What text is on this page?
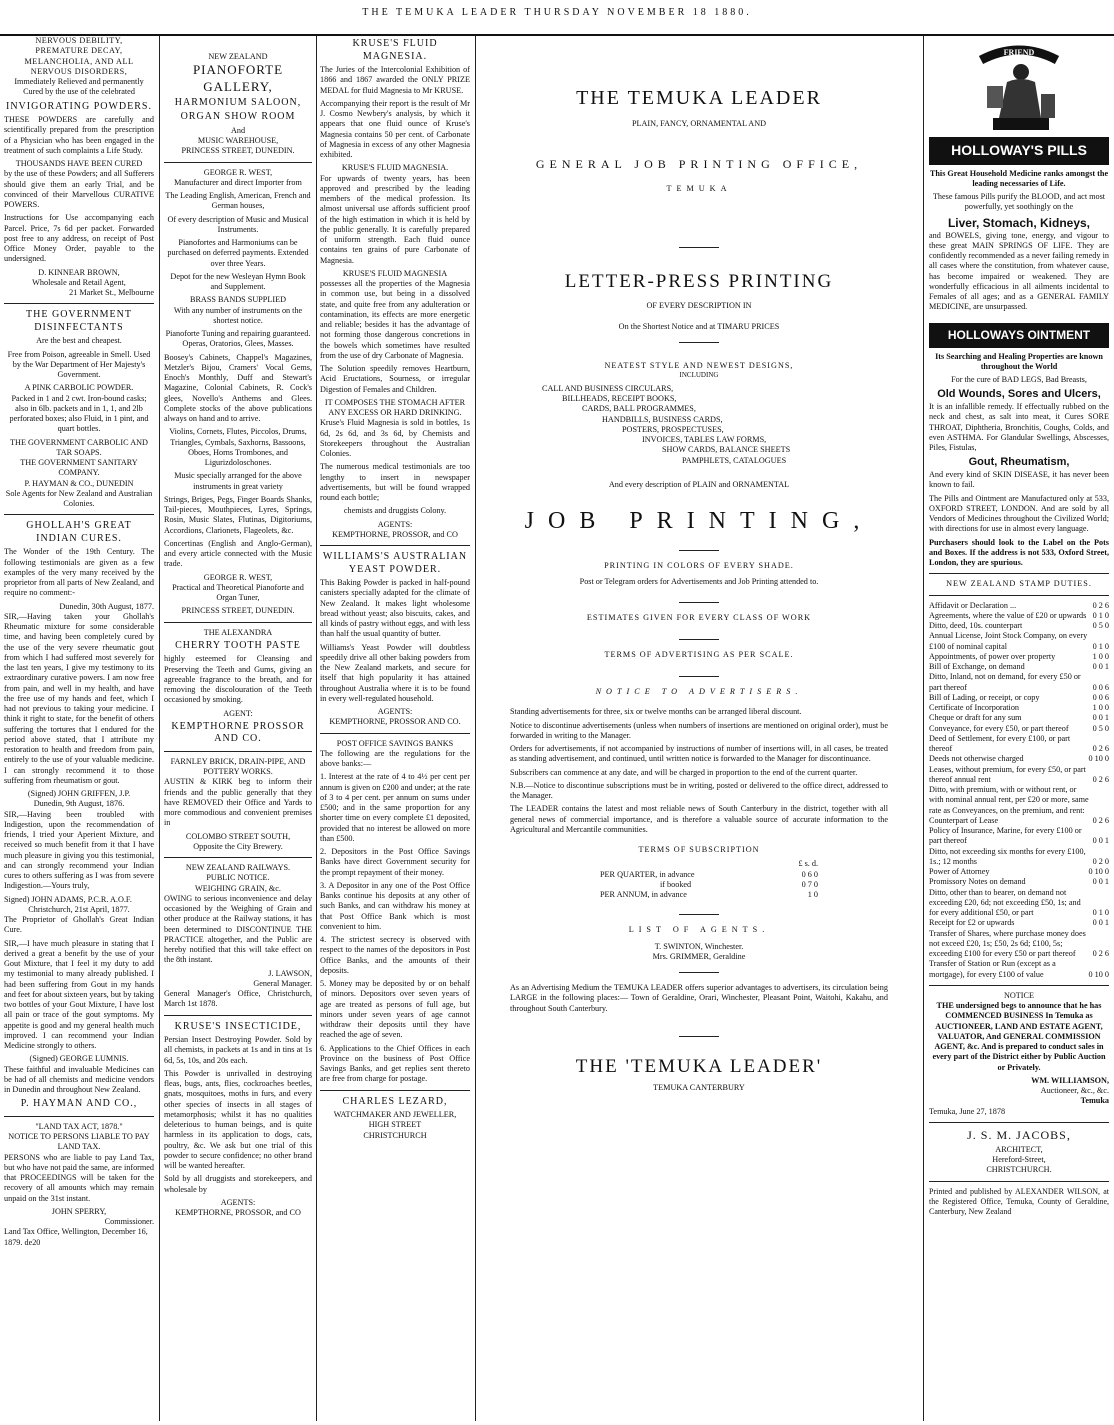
THE TEMUKA LEADER THURSDAY NOVEMBER 18 1880.
NERVOUS DEBILITY,
PREMATURE DECAY,
MELANCHOLIA, AND ALL
NERVOUS DISORDERS,

Immediately Relieved and permanently Cured by the use of the celebrated

INVIGORATING POWDERS.

THESE POWDERS are carefully and scientifically prepared from the prescription of a Physician who has been engaged in the treatment of such complaints a Life Study.

THOUSANDS HAVE BEEN CURED

by the use of these Powders; and all Sufferers should give them an early Trial, and be convinced of their Marvellous CURATIVE POWERS.

Instructions for Use accompanying each Parcel. Price, 7s 6d per packet. Forwarded post free to any address, on receipt of Post Office Money Order, payable to the undersigned.

D. KINNEAR BROWN,
Wholesale and Retail Agent,
21 Market St., Melbourne
THE GOVERNMENT DISINFECTANTS

Are the best and cheapest.

Free from Poison, agreeable in Smell. Used by the War Department of Her Majesty's Government.

A PINK CARBOLIC POWDER.

Packed in 1 and 2 cwt. Iron-bound casks; also in 6lb. packets and in 1, 1, and 2lb perforated boxes; also Fluid, in 1 pint, and quart bottles.

THE GOVERNMENT CARBOLIC AND TAR SOAPS.
THE GOVERNMENT SANITARY COMPANY.
P. HAYMAN & CO., DUNEDIN

Sole Agents for New Zealand and Australian Colonies.

GHOLLAH'S GREAT INDIAN CURES.

The Wonder of the 19th Century. The following testimonials are given as a few examples of the very many received by the proprietor from all parts of New Zealand, and require no comment:-

Dunedin, 30th August, 1877.

SIR,—Having taken your Ghollah's Rheumatic mixture for some considerable time, and having been completely cured by the use of the very severe rheumatic gout from which I had suffered most severely for the last ten years, I give my testimony to its extraordinary curative powers. I am now free from pain, and well in my health, and have the free use of my hands and feet, which I had not previous to taking your medicine. I think it right to state, for the benefit of others suffering the tortures that I endured for the period above stated, that I attribute my restoration to health and freedom from pain, entirely to the use of your valuable medicine. I can strongly recommend it to those suffering from rheumatism or gout.

(Signed) JOHN GRIFFEN, J.P.
Dunedin, 9th August, 1876.

SIR,—Having been troubled with Indigestion, upon the recommendation of friends, I tried your Aperient Mixture, and received so much benefit from it that I have much pleasure in giving you this testimonial, and can strongly recommend your Indian cures to others suffering as I was from severe Indigestion.—Yours truly,

Signed) JOHN ADAMS, P.C.R. A.O.F.
Christchurch, 21st April, 1877.

The Proprietor of Ghollah's Great Indian Cure.

SIR,—I have much pleasure in stating that I derived a great a benefit by the use of your Gout Mixture, that I feel it my duty to add my testimonial to many already published. I had been suffering from Gout in my hands and feet for about sixteen years, but by taking two bottles of your Gout Mixture, I have lost all pain or trace of the gout symptoms. My appetite is good and my general health much improved. I can recommend your Indian Medicine strongly to others.

(Signed) GEORGE LUMNIS.

These faithful and invaluable Medicines can be had of all chemists and medicine vendors in Dunedin and throughout New Zealand.

P. HAYMAN AND CO.,
"LAND TAX ACT, 1878."
NOTICE TO PERSONS LIABLE TO PAY LAND TAX.

PERSONS who are liable to pay Land Tax, but who have not paid the same, are informed that PROCEEDINGS will be taken for the recovery of all amounts which may remain unpaid on the 31st instant.

JOHN SPERRY,
Commissioner.
Land Tax Office, Wellington, December 16, 1879. de20
NEW ZEALAND
PIANOFORTE GALLERY,
HARMONIUM SALOON,
ORGAN SHOW ROOM
And
MUSIC WAREHOUSE,
PRINCESS STREET, DUNEDIN.
GEORGE R. WEST,

Manufacturer and direct Importer from

The Leading English, American, French and German houses,

Of every description of Music and Musical Instruments.

Pianofortes and Harmoniums can be purchased on deferred payments. Extended over three Years.

Depot for the new Wesleyan Hymn Book and Supplement.

BRASS BANDS SUPPLIED

With any number of instruments on the shortest notice.

Pianoforte Tuning and repairing guaranteed. Operas, Oratorios, Glees, Masses.

Boosey's Cabinets, Chappel's Magazines, Metzler's Bijou, Cramers' Vocal Gems, Enoch's Monthly, Duff and Stewart's Magazine, Colonial Cabinets, R. Cock's glees, Novello's Anthems and Glees. Complete stocks of the above publications always on hand and to arrive.

Violins, Cornets, Flutes, Piccolos, Drums, Triangles, Cymbals, Saxhorns, Bassoons, Oboes, Horns Trombones, and Ligurizdoloschones.

Music specially arranged for the above instruments in great variety

Strings, Briges, Pegs, Finger Boards Shanks, Tail-pieces, Mouthpieces, Lyres, Springs, Rosin, Music Slates, Flutinas, Digitoriums, Accordions, Clarionets, Flageolets, &c.

Concertinas (English and Anglo-German), and every article connected with the Music trade.

GEORGE R. WEST,

Practical and Theoretical Pianoforte and Organ Tuner,

PRINCESS STREET, DUNEDIN.
THE ALEXANDRA
CHERRY TOOTH PASTE

highly esteemed for Cleansing and Preserving the Teeth and Gums, giving an agreeable fragrance to the breath, and for removing the discolouration of the Teeth occasioned by smoking.

AGENT:
KEMPTHORNE PROSSOR AND CO.
FARNLEY BRICK, DRAIN-PIPE, AND POTTERY WORKS.

AUSTIN & KIRK beg to inform their friends and the public generally that they have REMOVED their Office and Yards to more commodious and convenient premises in

COLOMBO STREET SOUTH,
Opposite the City Brewery.
NEW ZEALAND RAILWAYS.
PUBLIC NOTICE.
WEIGHING GRAIN, &c.

OWING to serious inconvenience and delay occasioned by the Weighing of Grain and other produce at the Railway stations, it has been determined to DISCONTINUE THE PRACTICE altogether, and the Public are hereby notified that this will take effect on the 8th instant.

J. LAWSON,
General Manager.

General Manager's Office, Christchurch, March 1st 1878.

KRUSE'S INSECTICIDE,

Persian Insect Destroying Powder. Sold by all chemists, in packets at 1s and in tins at 1s 6d, 5s, 10s, and 20s each.

This Powder is unrivalled in destroying fleas, bugs, ants, flies, cockroaches beetles, gnats, mosquitoes, moths in furs, and every other species of insects in all stages of metamorphosis; whilst it has no qualities deleterious to human beings, and is quite harmless in its application to dogs, cats, poultry, &c. We ask but one trial of this powder to secure confidence; no other brand will be wanted hereafter.

Sold by all druggists and storekeepers, and wholesale by

AGENTS:
KEMPTHORNE, PROSSOR, and CO
KRUSE'S FLUID MAGNESIA.

The Juries of the Intercolonial Exhibition of 1866 and 1867 awarded the ONLY PRIZE MEDAL for fluid Magnesia to Mr KRUSE.

Accompanying their report is the result of Mr J. Cosmo Newbery's analysis, by which it appears that one fluid ounce of Kruse's Magnesia contains 50 per cent. of Carbonate of Magnesia in excess of any other Magnesia exhibited.

KRUSE'S FLUID MAGNESIA.

For upwards of twenty years, has been approved and prescribed by the leading members of the medical profession. Its almost universal use affords sufficient proof of the high estimation in which it is held by the public generally. It is carefully prepared of uniform strength. Each fluid ounce contains ten grains of pure Carbonate of Magnesia.

KRUSE'S FLUID MAGNESIA

possesses all the properties of the Magnesia in common use, but being in a dissolved state, and quite free from any adulteration or contamination, its effects are more energetic and reliable; besides it has the advantage of not forming those dangerous concretions in the bowels which sometimes have resulted from the use of dry Carbonate of Magnesia.

The Solution speedily removes Heartburn, Acid Eructations, Sourness, or irregular Digestion of Females and Children.

IT COMPOSES THE STOMACH AFTER ANY EXCESS OR HARD DRINKING.

Kruse's Fluid Magnesia is sold in bottles, 1s 6d, 2s 6d, and 3s 6d, by Chemists and Storekeepers throughout the Australian Colonies.

The numerous medical testimonials are too lengthy to insert in newspaper advertisements, but will be found wrapped round each bottle;

chemists and druggists Colony.

AGENTS:
KEMPTHORNE, PROSSOR, and CO
WILLIAMS'S AUSTRALIAN YEAST POWDER.

This Baking Powder is packed in half-pound canisters specially adapted for the climate of New Zealand. It makes light wholesome bread without yeast; also biscuits, cakes, and all kinds of pastry without eggs, and with less than half the usual quantity of butter.

Williams's Yeast Powder will doubtless speedily drive all other baking powders from the New Zealand markets, and secure for itself that high popularity it has attained throughout Australia where it is to be found in every well-regulated household.

AGENTS:
KEMPTHORNE, PROSSOR AND CO.
POST OFFICE SAVINGS BANKS

The following are the regulations for the above banks:—

1. Interest at the rate of 4 to 4½ per cent per annum is given on £200 and under; at the rate of 3 to 4 per cent. per annum on sums under £500; and in the same proportion for any shorter time on every complete £1 deposited, provided that no interest be allowed on more than £500.

2. Depositors in the Post Office Savings Banks have direct Government security for the prompt repayment of their money.

3. A Depositor in any one of the Post Office Banks continue his deposits at any other of such Banks, and can withdraw his money at that Post Office Bank which is most convenient to him.

4. The strictest secrecy is observed with respect to the names of the depositors in Post Office Banks, and the amounts of their deposits.

5. Money may be deposited by or on behalf of minors. Depositors over seven years of age are treated as persons of full age, but minors under seven years of age cannot withdraw their deposits until they have reached the age of seven.

6. Applications to the Chief Offices in each Province on the business of Post Office Savings Banks, and get replies sent thereto are free from charge for postage.

CHARLES LEZARD,
WATCHMAKER AND JEWELLER,
HIGH STREET
CHRISTCHURCH
THE TEMUKA LEADER
PLAIN, FANCY, ORNAMENTAL AND
GENERAL JOB PRINTING OFFICE,
TEMUKA
LETTER-PRESS PRINTING
OF EVERY DESCRIPTION IN
On the Shortest Notice and at TIMARU PRICES
NEATEST STYLE AND NEWEST DESIGNS,
INCLUDING
CALL AND BUSINESS CIRCULARS,
BILLHEADS, RECEIPT BOOKS,
CARDS, BALL PROGRAMMES,
HANDBILLS, BUSINESS CARDS,
POSTERS, PROSPECTUSES,
INVOICES, TABLES LAW FORMS,
SHOW CARDS, BALANCE SHEETS
PAMPHLETS, CATALOGUES
And every description of PLAIN and ORNAMENTAL
JOB PRINTING,
PRINTING IN COLORS OF EVERY SHADE.
Post or Telegram orders for Advertisements and Job Printing attended to.
ESTIMATES GIVEN FOR EVERY CLASS OF WORK
TERMS OF ADVERTISING AS PER SCALE.
NOTICE TO ADVERTISERS.

Standing advertisements for three, six or twelve months can be arranged liberal discount.

Notice to discontinue advertisements (unless when numbers of insertions are mentioned on original order), must be forwarded in writing to the Manager.

Orders for advertisements, if not accompanied by instructions of number of insertions will, in all cases, be treated as standing advertisement, and continued, until written notice is forwarded to the Manager for discontinuance.

Subscribers can commence at any date, and will be charged in proportion to the end of the current quarter.

N.B.—Notice to discontinue subscriptions must be in writing, posted or delivered to the office direct, addressed to the Manager.

The LEADER contains the latest and most reliable news of South Canterbury in the district, together with all general news of commercial importance, and is therefore a valuable source of accurate information to the Agricultural and Mercantile communities.

TERMS OF SUBSCRIPTION
£ s. d.
PER QUARTER, in advance	0 6 0
if booked	0 7 0
PER ANNUM, in advance	1 0
LIST OF AGENTS.
T. SWINTON, Winchester.
Mrs. GRIMMER, Geraldine

As an Advertising Medium the TEMUKA LEADER offers superior advantages to advertisers, its circulation being LARGE in the following places:— Town of Geraldine, Orari, Winchester, Pleasant Point, Waitohi, Kakahu, and throughout South Canterbury.

THE 'TEMUKA LEADER'
TEMUKA CANTERBURY
FRIEND
HOLLOWAY'S PILLS

This Great Household Medicine ranks amongst the leading necessaries of Life.

These famous Pills purify the BLOOD, and act most powerfully, yet soothingly on the

Liver, Stomach, Kidneys,

and BOWELS, giving tone, energy, and vigour to these great MAIN SPRINGS OF LIFE. They are confidently recommended as a never failing remedy in all cases where the constitution, from whatever cause, has become impaired or weakened. They are wonderfully efficacious in all ailments incidental to Females of all ages; and as a GENERAL FAMILY MEDICINE, are unsurpassed.

HOLLOWAYS OINTMENT

Its Searching and Healing Properties are known throughout the World

For the cure of BAD LEGS, Bad Breasts,

Old Wounds, Sores and Ulcers,

It is an infallible remedy. If effectually rubbed on the neck and chest, as salt into meat, it Cures SORE THROAT, Diphtheria, Bronchitis, Coughs, Colds, and even ASTHMA. For Glandular Swellings, Abscesses, Piles, Fistulas,

Gout, Rheumatism,

And every kind of SKIN DISEASE, it has never been known to fail.

The Pills and Ointment are Manufactured only at 533, OXFORD STREET, LONDON. And are sold by all Vendors of Medicines throughout the Civilized World; with directions for use in almost every language.

Purchasers should look to the Label on the Pots and Boxes. If the address is not 533, Oxford Street, London, they are spurious.

NEW ZEALAND STAMP DUTIES.
Affidavit or Declaration ...	0 2 6
Agreements, where the value of £20 or upwards 0 1 0
Ditto, deed, 10s. counterpart	0 5 0
Annual License, Joint Stock Company, on every £100 of nominal capital	0 1 0
Appointments, of power over property	1 0 0
Bill of Exchange, on demand	0 0 1
Ditto, Inland, not on demand, for every £50 or part thereof	0 0 6
Bill of Lading, or receipt, or copy	0 0 6
Certificate of Incorporation	1 0 0
Cheque or draft for any sum	0 0 1
Conveyance, for every £50, or part thereof	0 5 0
Deed of Settlement, for every £100, or part thereof	0 2 6
Deeds not otherwise charged	0 10 0
Leases, without premium, for every £50, or part thereof annual rent	0 2 6
Ditto, with premium, with or without rent, or with nominal annual rent, per £20 or more, same rate as Conveyances, on the premium, and rent: Counterpart of Lease	0 2 6
Policy of Insurance, Marine, for every £100 or part thereof	0 0 1
Ditto, not exceeding six months for every £100, 1s.; 12 months	0 2 0
Power of Attorney	0 10 0
Promissory Notes on demand	0 0 1
Ditto, other than to bearer, on demand not exceeding £20, 6d; not exceeding £50, 1s; and for every additional £50, or part	0 1 0
Receipt for £2 or upwards	0 0 1
Transfer of Shares, where purchase money does not exceed £20, 1s; £50, 2s 6d; £100, 5s; exceeding £100 for every £50 or part thereof	0 2 6
Transfer of Station or Run (except as a mortgage), for every £100 of value	0 10 0
NOTICE

THE undersigned begs to announce that he has COMMENCED BUSINESS In Temuka as AUCTIONEER, LAND AND ESTATE AGENT, VALUATOR, And GENERAL COMMISSION AGENT, &c. And is prepared to conduct sales in every part of the District either by Public Auction or Privately.

WM. WILLIAMSON,
Auctioneer, &c., &c.
Temuka
Temuka, June 27, 1878
J. S. M. JACOBS,
ARCHITECT,
Hereford-Street,
CHRISTCHURCH.

Printed and published by ALEXANDER WILSON, at the Registered Office, Temuka, County of Geraldine, Canterbury, New Zealand
